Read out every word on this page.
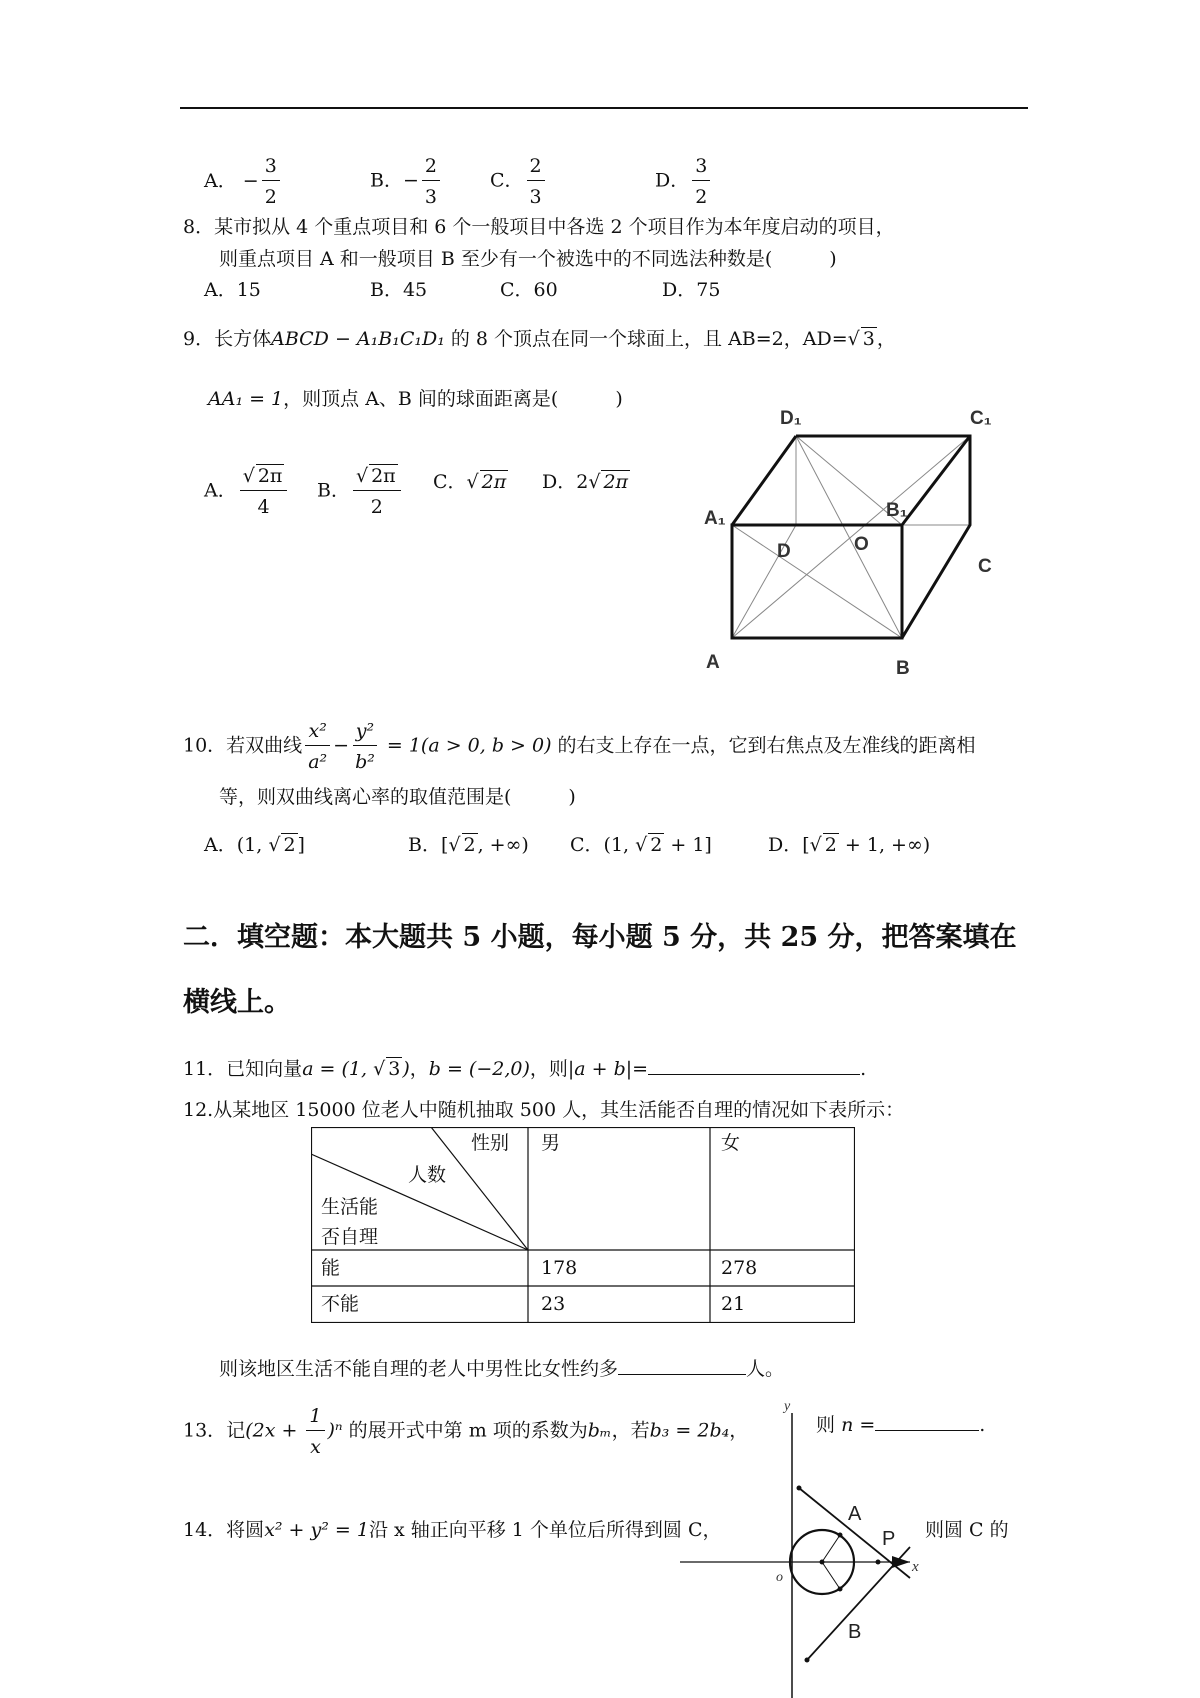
A． − $\frac{3}{2}$	B．− $\frac{2}{3}$	C． $\frac{2}{3}$	D． $\frac{3}{2}$
8．某市拟从 4 个重点项目和 6 个一般项目中各选 2 个项目作为本年度启动的项目，
则重点项目 A 和一般项目 B 至少有一个被选中的不同选法种数是(　　　)
A．15	B．45	C．60	D．75
9．长方体ABCD − A₁B₁C₁D₁ 的 8 个顶点在同一个球面上，且 AB=2，AD=√ 3 ，
AA₁ = 1，则顶点 A、B 间的球面距离是(　　　)
A． $\frac{√ 2\pi}{4}$ B． $\frac{√ 2\pi}{2}$ C．√ 2π D．2√ 2π
D₁	C₁
A₁	B₁
D	O
C
A	B
10．若双曲线 $\frac{\text{x²}}{\text{a²}} - \frac{\text{y²}}{\text{b²}} = 1(a > 0$, b > 0) 的右支上存在一点，它到右焦点及左准线的距离相
等，则双曲线离心率的取值范围是(　　　)
A．(1, √ 2 ]	B．[√ 2 , +∞) C．(1, √ 2 + 1]	D．[√ 2 + 1, +∞)
二．填空题：本大题共 5 小题，每小题 5 分，共 25 分，把答案填在
横线上。
11．已知向量a = (1, √ 3 )，b = (−2,0)，则|a + b|=	.
12.从某地区 15000 位老人中随机抽取 500 人，其生活能否自理的情况如下表所示：
性别
人数
生活能
否自理
男	女
能	178	278
不能	23	21
则该地区生活不能自理的老人中男性比女性约多	人。
13．记$(2x + \frac{1}{x} )^n$ 的展开式中第 m 项的系数为bₘ，若b₃ = 2b₄，	则 n =	.
14．将圆x² + y² = 1沿 x 轴正向平移 1 个单位后所得到圆 C，	则圆 C 的
y
x
o
A
P
B
